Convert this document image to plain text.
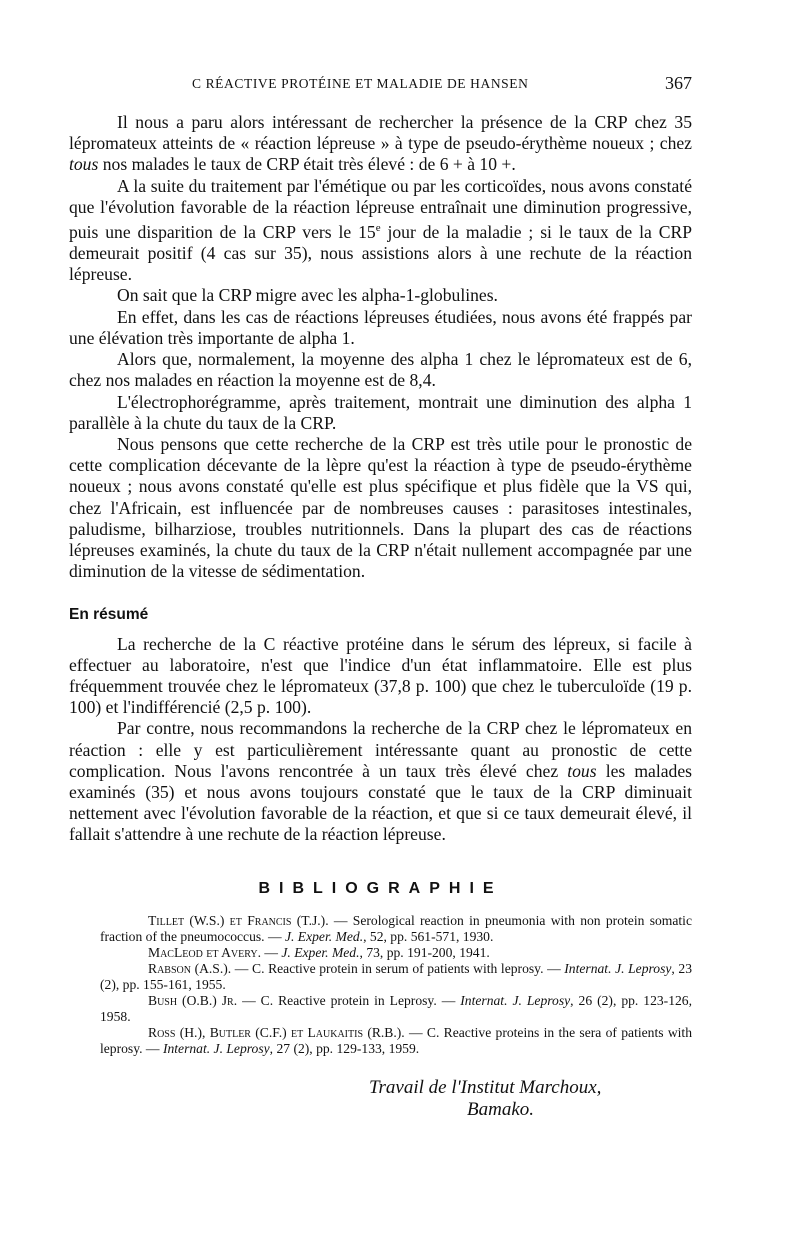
C RÉACTIVE PROTÉINE ET MALADIE DE HANSEN	367

Il nous a paru alors intéressant de rechercher la présence de la CRP chez 35 lépromateux atteints de « réaction lépreuse » à type de pseudo-érythème noueux ; chez tous nos malades le taux de CRP était très élevé : de 6 + à 10 +.

A la suite du traitement par l'émétique ou par les corticoïdes, nous avons constaté que l'évolution favorable de la réaction lépreuse entraînait une diminution progressive, puis une disparition de la CRP vers le 15e jour de la maladie ; si le taux de la CRP demeurait positif (4 cas sur 35), nous assistions alors à une rechute de la réaction lépreuse.

On sait que la CRP migre avec les alpha-1-globulines.

En effet, dans les cas de réactions lépreuses étudiées, nous avons été frappés par une élévation très importante de alpha 1.

Alors que, normalement, la moyenne des alpha 1 chez le lépromateux est de 6, chez nos malades en réaction la moyenne est de 8,4.

L'électrophorégramme, après traitement, montrait une diminution des alpha 1 parallèle à la chute du taux de la CRP.

Nous pensons que cette recherche de la CRP est très utile pour le pronostic de cette complication décevante de la lèpre qu'est la réaction à type de pseudo-érythème noueux ; nous avons constaté qu'elle est plus spécifique et plus fidèle que la VS qui, chez l'Africain, est influencée par de nombreuses causes : parasitoses intestinales, paludisme, bilharziose, troubles nutritionnels. Dans la plupart des cas de réactions lépreuses examinés, la chute du taux de la CRP n'était nullement accompagnée par une diminution de la vitesse de sédimentation.

En résumé

La recherche de la C réactive protéine dans le sérum des lépreux, si facile à effectuer au laboratoire, n'est que l'indice d'un état inflammatoire. Elle est plus fréquemment trouvée chez le lépromateux (37,8 p. 100) que chez le tuberculoïde (19 p. 100) et l'indifférencié (2,5 p. 100).

Par contre, nous recommandons la recherche de la CRP chez le lépromateux en réaction : elle y est particulièrement intéressante quant au pronostic de cette complication. Nous l'avons rencontrée à un taux très élevé chez tous les malades examinés (35) et nous avons toujours constaté que le taux de la CRP diminuait nettement avec l'évolution favorable de la réaction, et que si ce taux demeurait élevé, il fallait s'attendre à une rechute de la réaction lépreuse.

BIBLIOGRAPHIE

Tillet (W.S.) et Francis (T.J.). — Serological reaction in pneumonia with non protein somatic fraction of the pneumococcus. — J. Exper. Med., 52, pp. 561-571, 1930.

MacLeod et Avery. — J. Exper. Med., 73, pp. 191-200, 1941.

Rabson (A.S.). — C. Reactive protein in serum of patients with leprosy. — Internat. J. Leprosy, 23 (2), pp. 155-161, 1955.

Bush (O.B.) Jr. — C. Reactive protein in Leprosy. — Internat. J. Leprosy, 26 (2), pp. 123-126, 1958.

Ross (H.), Butler (C.F.) et Laukaitis (R.B.). — C. Reactive proteins in the sera of patients with leprosy. — Internat. J. Leprosy, 27 (2), pp. 129-133, 1959.

Travail de l'Institut Marchoux,
Bamako.
